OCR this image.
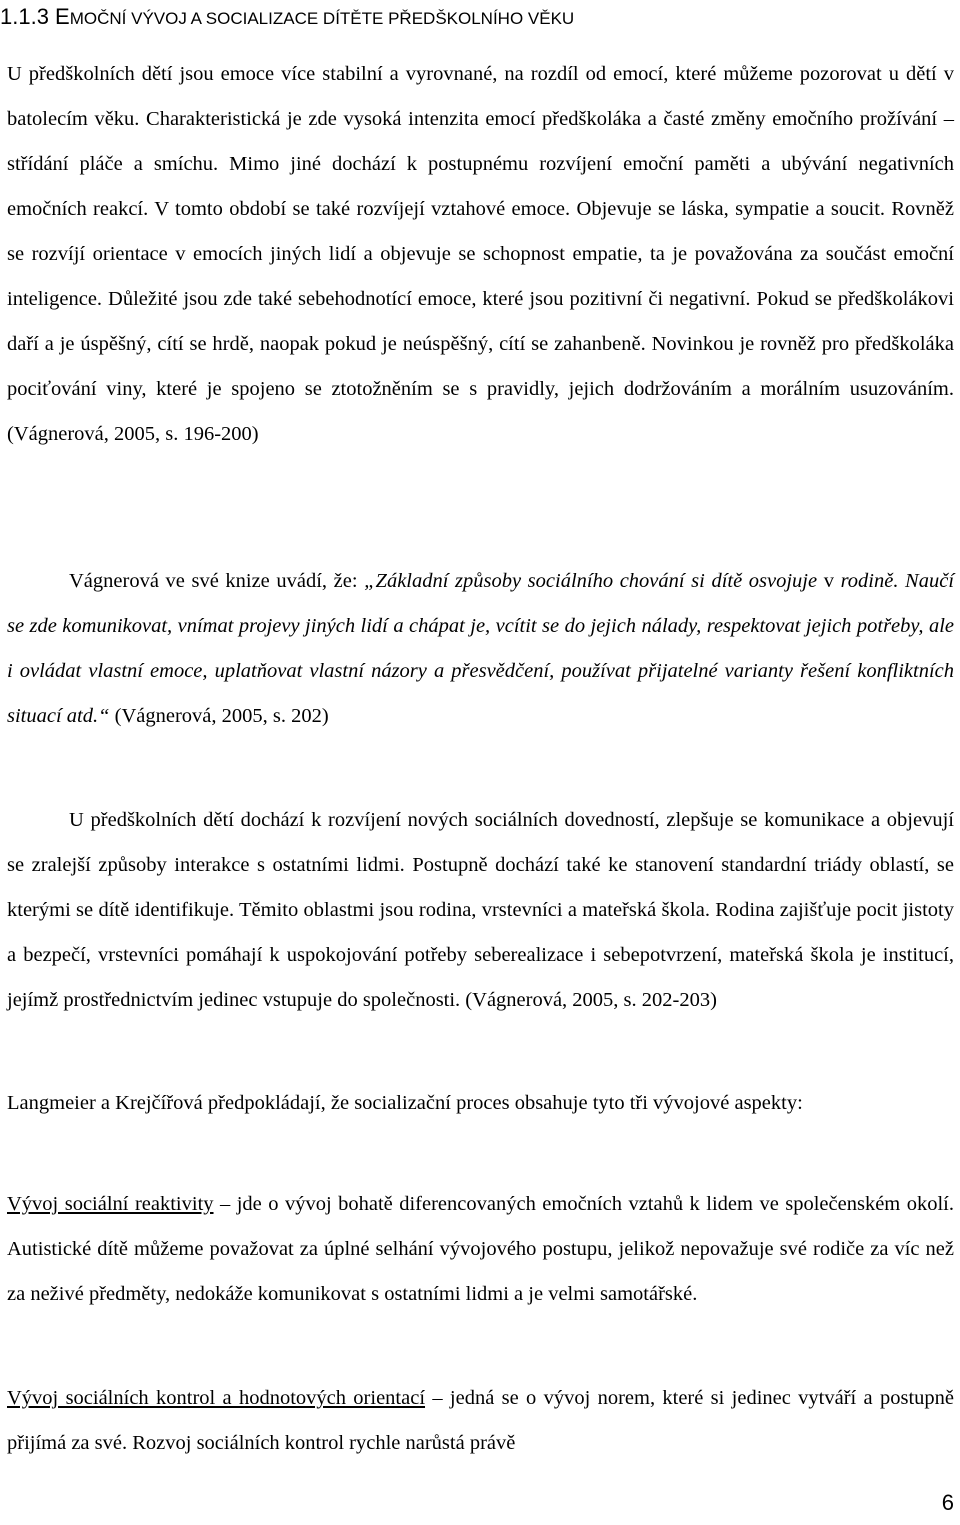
1.1.3 EMOČNÍ VÝVOJ A SOCIALIZACE DÍTĚTE PŘEDŠKOLNÍHO VĚKU
U předškolních dětí jsou emoce více stabilní a vyrovnané, na rozdíl od emocí, které můžeme pozorovat u dětí v batolecím věku. Charakteristická je zde vysoká intenzita emocí předškoláka a časté změny emočního prožívání – střídání pláče a smíchu. Mimo jiné dochází k postupnému rozvíjení emoční paměti a ubývání negativních emočních reakcí. V tomto období se také rozvíjejí vztahové emoce. Objevuje se láska, sympatie a soucit. Rovněž se rozvíjí orientace v emocích jiných lidí a objevuje se schopnost empatie, ta je považována za součást emoční inteligence. Důležité jsou zde také sebehodnotící emoce, které jsou pozitivní či negativní. Pokud se předškolákovi daří a je úspěšný, cítí se hrdě, naopak pokud je neúspěšný, cítí se zahanbeně. Novinkou je rovněž pro předškoláka pociťování viny, které je spojeno se ztotožněním se s pravidly, jejich dodržováním a morálním usuzováním. (Vágnerová, 2005, s. 196-200)
Vágnerová ve své knize uvádí, že: „Základní způsoby sociálního chování si dítě osvojuje v rodině. Naučí se zde komunikovat, vnímat projevy jiných lidí a chápat je, vcítit se do jejich nálady, respektovat jejich potřeby, ale i ovládat vlastní emoce, uplatňovat vlastní názory a přesvědčení, používat přijatelné varianty řešení konfliktních situací atd.“ (Vágnerová, 2005, s. 202)
U předškolních dětí dochází k rozvíjení nových sociálních dovedností, zlepšuje se komunikace a objevují se zralejší způsoby interakce s ostatními lidmi. Postupně dochází také ke stanovení standardní triády oblastí, se kterými se dítě identifikuje. Těmito oblastmi jsou rodina, vrstevníci a mateřská škola. Rodina zajišťuje pocit jistoty a bezpečí, vrstevníci pomáhají k uspokojování potřeby seberealizace i sebepotvrzení, mateřská škola je institucí, jejímž prostřednictvím jedinec vstupuje do společnosti. (Vágnerová, 2005, s. 202-203)
Langmeier a Krejčířová předpokládají, že socializační proces obsahuje tyto tři vývojové aspekty:
Vývoj sociální reaktivity – jde o vývoj bohatě diferencovaných emočních vztahů k lidem ve společenském okolí. Autistické dítě můžeme považovat za úplné selhání vývojového postupu, jelikož nepovažuje své rodiče za víc než za neživé předměty, nedokáže komunikovat s ostatními lidmi a je velmi samotářské.
Vývoj sociálních kontrol a hodnotových orientací – jedná se o vývoj norem, které si jedinec vytváří a postupně přijímá za své. Rozvoj sociálních kontrol rychle narůstá právě
6
